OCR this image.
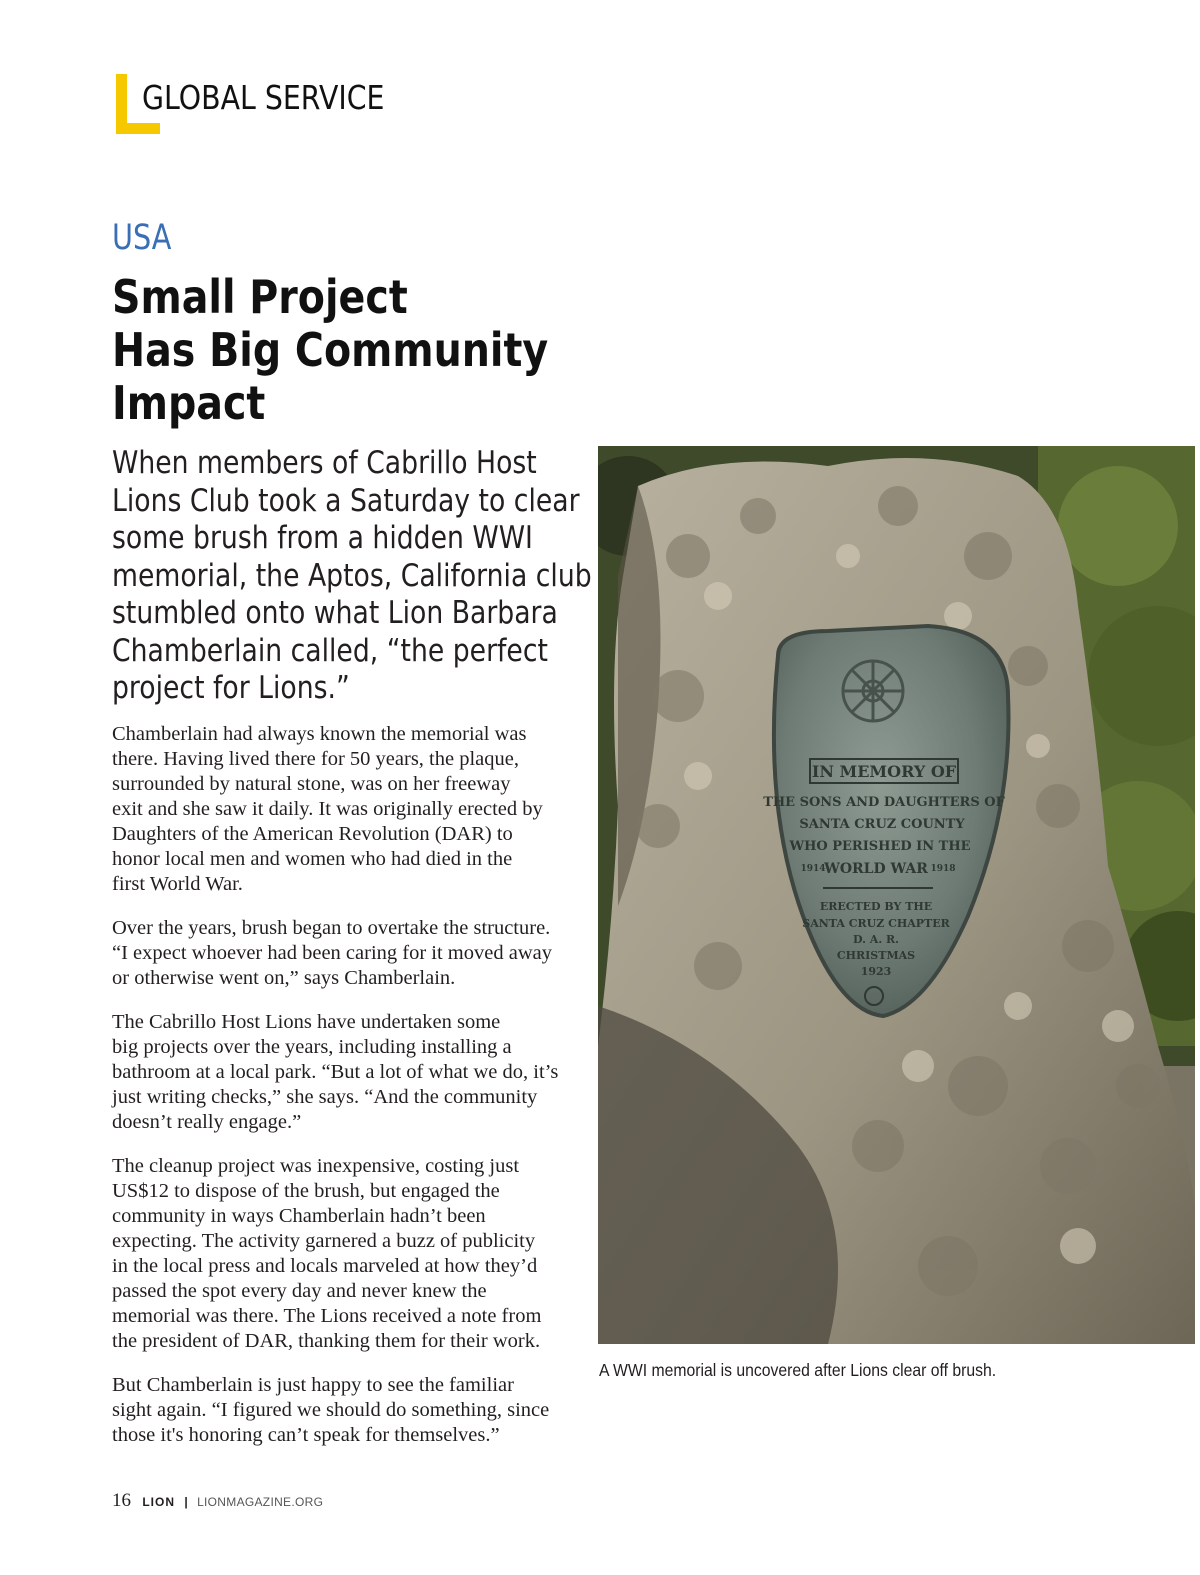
GLOBAL SERVICE
USA
Small Project
Has Big Community
Impact
When members of Cabrillo Host
Lions Club took a Saturday to clear
some brush from a hidden WWI
memorial, the Aptos, California club
stumbled onto what Lion Barbara
Chamberlain called, “the perfect
project for Lions.”

Chamberlain had always known the memorial was
there. Having lived there for 50 years, the plaque,
surrounded by natural stone, was on her freeway
exit and she saw it daily. It was originally erected by
Daughters of the American Revolution (DAR) to
honor local men and women who had died in the
first World War.

Over the years, brush began to overtake the structure.
“I expect whoever had been caring for it moved away
or otherwise went on,” says Chamberlain.

The Cabrillo Host Lions have undertaken some
big projects over the years, including installing a
bathroom at a local park. “But a lot of what we do, it’s
just writing checks,” she says. “And the community
doesn’t really engage.”

The cleanup project was inexpensive, costing just
US$12 to dispose of the brush, but engaged the
community in ways Chamberlain hadn’t been
expecting. The activity garnered a buzz of publicity
in the local press and locals marveled at how they’d
passed the spot every day and never knew the
memorial was there. The Lions received a note from
the president of DAR, thanking them for their work.

But Chamberlain is just happy to see the familiar
sight again. “I figured we should do something, since
those it's honoring can’t speak for themselves.”

IN MEMORY OF
THE SONS AND DAUGHTERS OF
SANTA CRUZ COUNTY
WHO PERISHED IN THE
1914
WORLD WAR 1918
ERECTED BY THE
SANTA CRUZ CHAPTER
D. A. R.
CHRISTMAS
1923
A WWI memorial is uncovered after Lions clear off brush.
16 LION | LIONMAGAZINE.ORG
